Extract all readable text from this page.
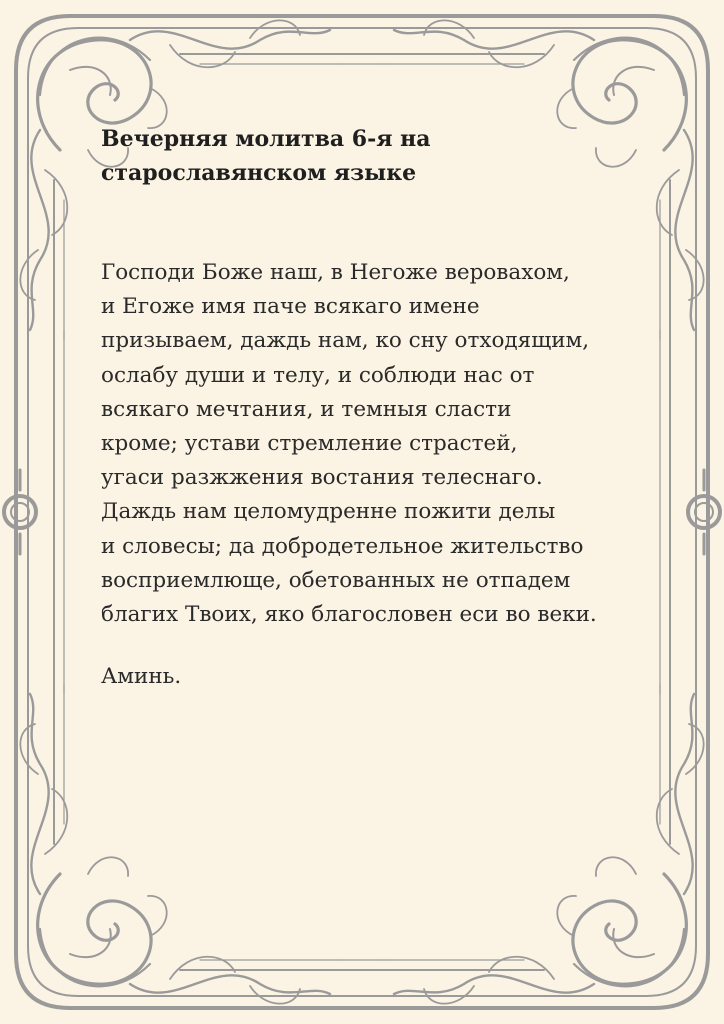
Вечерняя молитва 6-я на
старославянском языке
Господи Боже наш, в Негоже веровахом,
и Егоже имя паче всякаго имене
призываем, даждь нам, ко сну отходящим,
ослабу души и телу, и соблюди нас от
всякаго мечтания, и темныя сласти
кроме; устави стремление страстей,
угаси разжжения востания телеснаго.
Даждь нам целомудренне пожити делы
и словесы; да добродетельное жительство
восприемлюще, обетованных не отпадем
благих Твоих, яко благословен еси во веки.

Аминь.
